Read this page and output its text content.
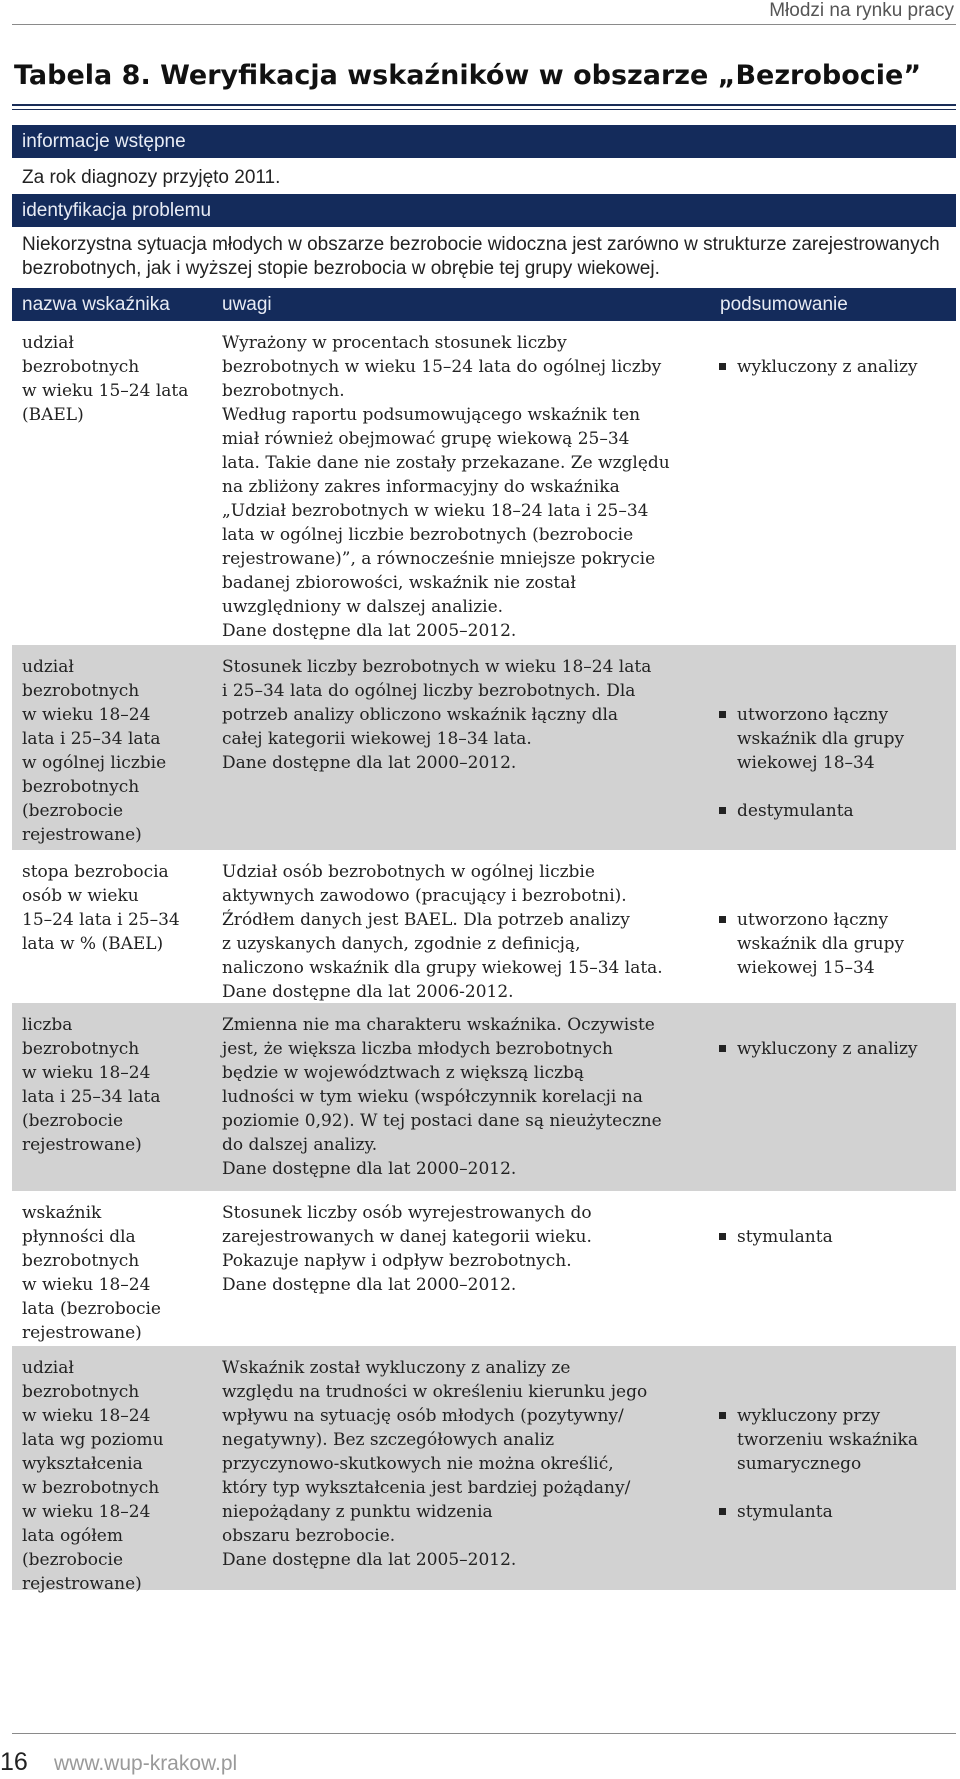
Młodzi na rynku pracy
Tabela 8. Weryfikacja wskaźników w obszarze „Bezrobocie”
informacje wstępne
Za rok diagnozy przyjęto 2011.
identyfikacja problemu
Niekorzystna sytuacja młodych w obszarze bezrobocie widoczna jest zarówno w strukturze zarejestrowanych bezrobotnych, jak i wyższej stopie bezrobocia w obrębie tej grupy wiekowej.
nazwa wskaźnika	uwagi	podsumowanie
udział
bezrobotnych
w wieku 15–24 lata
(BAEL)
Wyrażony w procentach stosunek liczby
bezrobotnych w wieku 15–24 lata do ogólnej liczby
bezrobotnych.
Według raportu podsumowującego wskaźnik ten
miał również obejmować grupę wiekową 25–34
lata. Takie dane nie zostały przekazane. Ze względu
na zbliżony zakres informacyjny do wskaźnika
„Udział bezrobotnych w wieku 18–24 lata i 25–34
lata w ogólnej liczbie bezrobotnych (bezrobocie
rejestrowane)”, a równocześnie mniejsze pokrycie
badanej zbiorowości, wskaźnik nie został
uwzględniony w dalszej analizie.
Dane dostępne dla lat 2005–2012.

wykluczony z analizy

udział
bezrobotnych
w wieku 18–24
lata i 25–34 lata
w ogólnej liczbie
bezrobotnych
(bezrobocie
rejestrowane)
Stosunek liczby bezrobotnych w wieku 18–24 lata
i 25–34 lata do ogólnej liczby bezrobotnych. Dla
potrzeb analizy obliczono wskaźnik łączny dla
całej kategorii wiekowej 18–34 lata.
Dane dostępne dla lat 2000–2012.

utworzono łączny
wskaźnik dla grupy
wiekowej 18–34

destymulanta

stopa bezrobocia
osób w wieku
15–24 lata i 25–34
lata w % (BAEL)
Udział osób bezrobotnych w ogólnej liczbie
aktywnych zawodowo (pracujący i bezrobotni).
Źródłem danych jest BAEL. Dla potrzeb analizy
z uzyskanych danych, zgodnie z definicją,
naliczono wskaźnik dla grupy wiekowej 15–34 lata.
Dane dostępne dla lat 2006-2012.

utworzono łączny
wskaźnik dla grupy
wiekowej 15–34

liczba
bezrobotnych
w wieku 18–24
lata i 25–34 lata
(bezrobocie
rejestrowane)
Zmienna nie ma charakteru wskaźnika. Oczywiste
jest, że większa liczba młodych bezrobotnych
będzie w województwach z większą liczbą
ludności w tym wieku (współczynnik korelacji na
poziomie 0,92). W tej postaci dane są nieużyteczne
do dalszej analizy.
Dane dostępne dla lat 2000–2012.

wykluczony z analizy

wskaźnik
płynności dla
bezrobotnych
w wieku 18–24
lata (bezrobocie
rejestrowane)
Stosunek liczby osób wyrejestrowanych do
zarejestrowanych w danej kategorii wieku.
Pokazuje napływ i odpływ bezrobotnych.
Dane dostępne dla lat 2000–2012.

stymulanta

udział
bezrobotnych
w wieku 18–24
lata wg poziomu
wykształcenia
w bezrobotnych
w wieku 18–24
lata ogółem
(bezrobocie
rejestrowane)
Wskaźnik został wykluczony z analizy ze
względu na trudności w określeniu kierunku jego
wpływu na sytuację osób młodych (pozytywny/
negatywny). Bez szczegółowych analiz
przyczynowo-skutkowych nie można określić,
który typ wykształcenia jest bardziej pożądany/
niepożądany z punktu widzenia
obszaru bezrobocie.
Dane dostępne dla lat 2005–2012.

wykluczony przy
tworzeniu wskaźnika
sumarycznego

stymulanta

16 www.wup-krakow.pl
